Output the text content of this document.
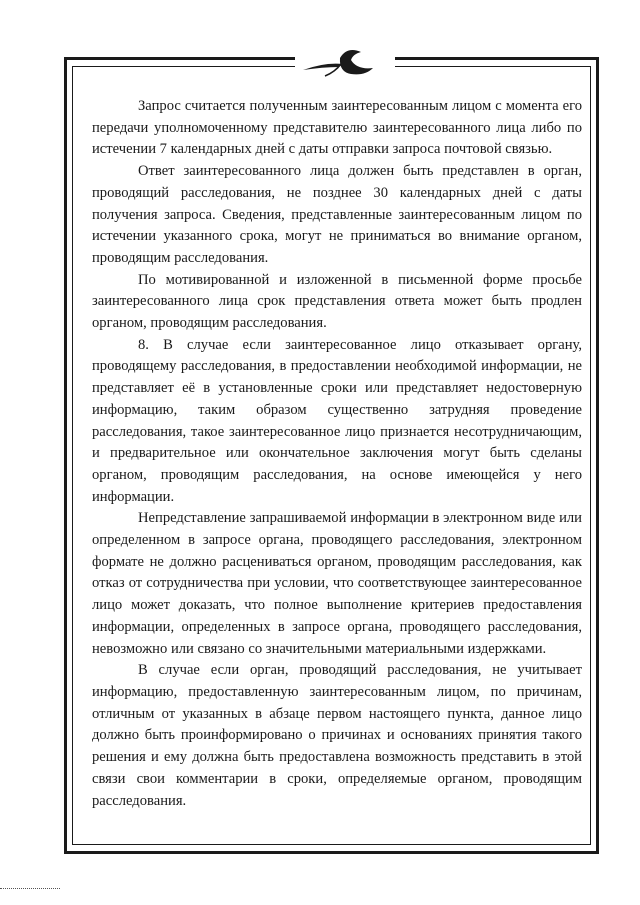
Запрос считается полученным заинтересованным лицом с момента его передачи уполномоченному представителю заинтересованного лица либо по истечении 7 календарных дней с даты отправки запроса почтовой связью.

Ответ заинтересованного лица должен быть представлен в орган, проводящий расследования, не позднее 30 календарных дней с даты получения запроса. Сведения, представленные заинтересованным лицом по истечении указанного срока, могут не приниматься во внимание органом, проводящим расследования.

По мотивированной и изложенной в письменной форме просьбе заинтересованного лица срок представления ответа может быть продлен органом, проводящим расследования.

8. В случае если заинтересованное лицо отказывает органу, проводящему расследования, в предоставлении необходимой информации, не представляет её в установленные сроки или представляет недостоверную информацию, таким образом существенно затрудняя проведение расследования, такое заинтересованное лицо признается несотрудничающим, и предварительное или окончательное заключения могут быть сделаны органом, проводящим расследования, на основе имеющейся у него информации.

Непредставление запрашиваемой информации в электронном виде или определенном в запросе органа, проводящего расследования, электронном формате не должно расцениваться органом, проводящим расследования, как отказ от сотрудничества при условии, что соответствующее заинтересованное лицо может доказать, что полное выполнение критериев предоставления информации, определенных в запросе органа, проводящего расследования, невозможно или связано со значительными материальными издержками.

В случае если орган, проводящий расследования, не учитывает информацию, предоставленную заинтересованным лицом, по причинам, отличным от указанных в абзаце первом настоящего пункта, данное лицо должно быть проинформировано о причинах и основаниях принятия такого решения и ему должна быть предоставлена возможность представить в этой связи свои комментарии в сроки, определяемые органом, проводящим расследования.
